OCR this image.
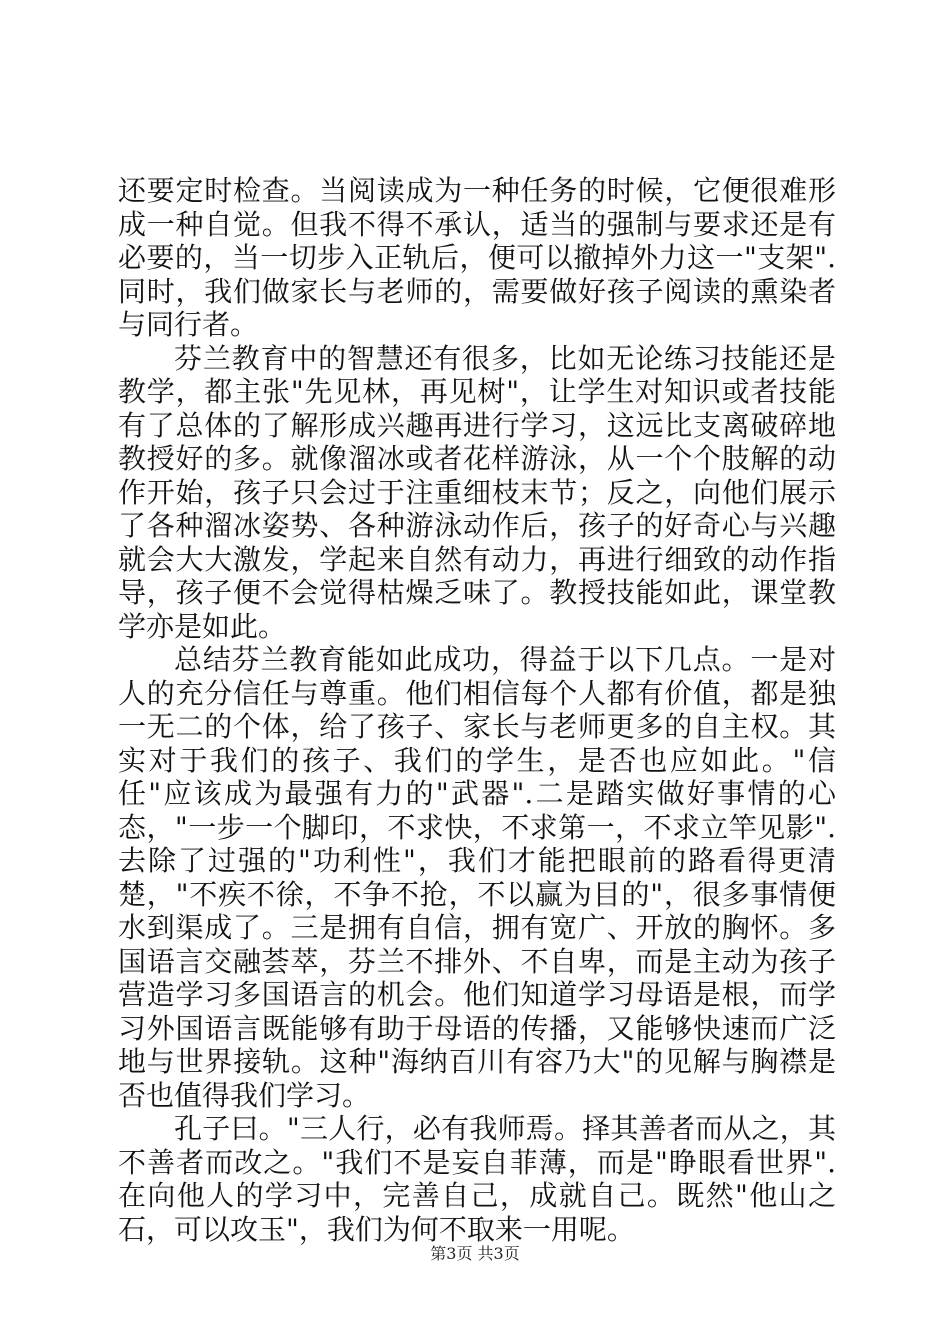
还要定时检查。当阅读成为一种任务的时候，它便很难形成一种自觉。但我不得不承认，适当的强制与要求还是有必要的，当一切步入正轨后，便可以撤掉外力这一"支架".同时，我们做家长与老师的，需要做好孩子阅读的熏染者与同行者。

芬兰教育中的智慧还有很多，比如无论练习技能还是教学，都主张"先见林，再见树"，让学生对知识或者技能有了总体的了解形成兴趣再进行学习，这远比支离破碎地教授好的多。就像溜冰或者花样游泳，从一个个肢解的动作开始，孩子只会过于注重细枝末节；反之，向他们展示了各种溜冰姿势、各种游泳动作后，孩子的好奇心与兴趣就会大大激发，学起来自然有动力，再进行细致的动作指导，孩子便不会觉得枯燥乏味了。教授技能如此，课堂教学亦是如此。

总结芬兰教育能如此成功，得益于以下几点。一是对人的充分信任与尊重。他们相信每个人都有价值，都是独一无二的个体，给了孩子、家长与老师更多的自主权。其实对于我们的孩子、我们的学生，是否也应如此。"信任"应该成为最强有力的"武器".二是踏实做好事情的心态，"一步一个脚印，不求快，不求第一，不求立竿见影".去除了过强的"功利性"，我们才能把眼前的路看得更清楚，"不疾不徐，不争不抢，不以赢为目的"，很多事情便水到渠成了。三是拥有自信，拥有宽广、开放的胸怀。多国语言交融荟萃，芬兰不排外、不自卑，而是主动为孩子营造学习多国语言的机会。他们知道学习母语是根，而学习外国语言既能够有助于母语的传播，又能够快速而广泛地与世界接轨。这种"海纳百川有容乃大"的见解与胸襟是否也值得我们学习。

孔子曰。"三人行，必有我师焉。择其善者而从之，其不善者而改之。"我们不是妄自菲薄，而是"睁眼看世界".在向他人的学习中，完善自己，成就自己。既然"他山之石，可以攻玉"，我们为何不取来一用呢。

第3页 共3页
